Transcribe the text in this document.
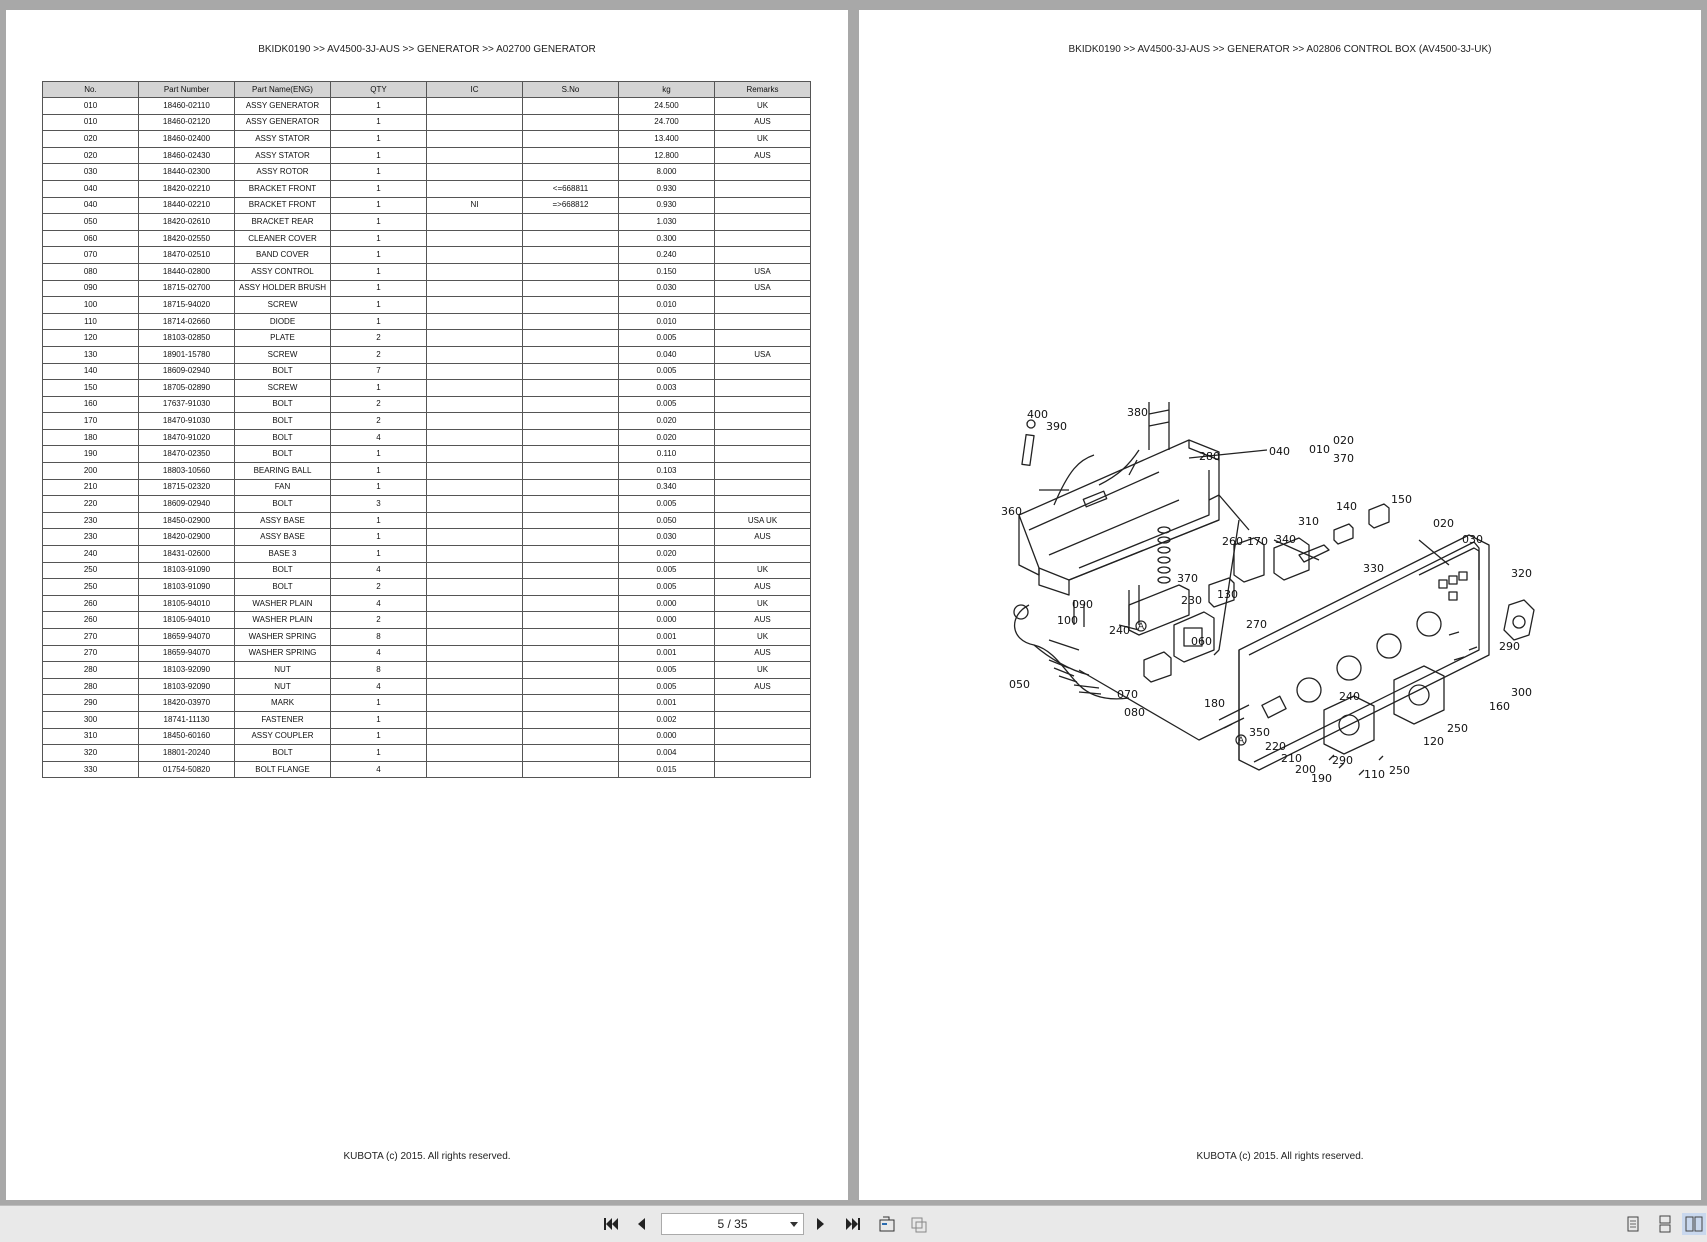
BKIDK0190 >> AV4500-3J-AUS >> GENERATOR >> A02700 GENERATOR
No.	Part Number	Part Name(ENG)	QTY	IC	S.No	kg	Remarks
010	18460-02110	ASSY GENERATOR	1			24.500	UK
010	18460-02120	ASSY GENERATOR	1			24.700	AUS
020	18460-02400	ASSY STATOR	1			13.400	UK
020	18460-02430	ASSY STATOR	1			12.800	AUS
030	18440-02300	ASSY ROTOR	1			8.000	
040	18420-02210	BRACKET FRONT	1		<=668811	0.930	
040	18440-02210	BRACKET FRONT	1	NI	=>668812	0.930	
050	18420-02610	BRACKET REAR	1			1.030	
060	18420-02550	CLEANER COVER	1			0.300	
070	18470-02510	BAND COVER	1			0.240	
080	18440-02800	ASSY CONTROL	1			0.150	USA
090	18715-02700	ASSY HOLDER BRUSH	1			0.030	USA
100	18715-94020	SCREW	1			0.010	
110	18714-02660	DIODE	1			0.010	
120	18103-02850	PLATE	2			0.005	
130	18901-15780	SCREW	2			0.040	USA
140	18609-02940	BOLT	7			0.005	
150	18705-02890	SCREW	1			0.003	
160	17637-91030	BOLT	2			0.005	
170	18470-91030	BOLT	2			0.020	
180	18470-91020	BOLT	4			0.020	
190	18470-02350	BOLT	1			0.110	
200	18803-10560	BEARING BALL	1			0.103	
210	18715-02320	FAN	1			0.340	
220	18609-02940	BOLT	3			0.005	
230	18450-02900	ASSY BASE	1			0.050	USA UK
230	18420-02900	ASSY BASE	1			0.030	AUS
240	18431-02600	BASE 3	1			0.020	
250	18103-91090	BOLT	4			0.005	UK
250	18103-91090	BOLT	2			0.005	AUS
260	18105-94010	WASHER PLAIN	4			0.000	UK
260	18105-94010	WASHER PLAIN	2			0.000	AUS
270	18659-94070	WASHER SPRING	8			0.001	UK
270	18659-94070	WASHER SPRING	4			0.001	AUS
280	18103-92090	NUT	8			0.005	UK
280	18103-92090	NUT	4			0.005	AUS
290	18420-03970	MARK	1			0.001	
300	18741-11130	FASTENER	1			0.002	
310	18450-60160	ASSY COUPLER	1			0.000	
320	18801-20240	BOLT	1			0.004	
330	01754-50820	BOLT FLANGE	4			0.015	
KUBOTA (c) 2015. All rights reserved.
BKIDK0190 >> AV4500-3J-AUS >> GENERATOR >> A02806 CONTROL BOX (AV4500-3J-UK)
A
A
400
390
380
280	040 010
020
370
360
310
140
150
020
030
260 170 340
330	320
370
230 130
090
100
240
060
270
290
050
070
080
180
300
160
250
120
240
350
220
210
200
190
290
110 250
KUBOTA (c) 2015. All rights reserved.
5 / 35
